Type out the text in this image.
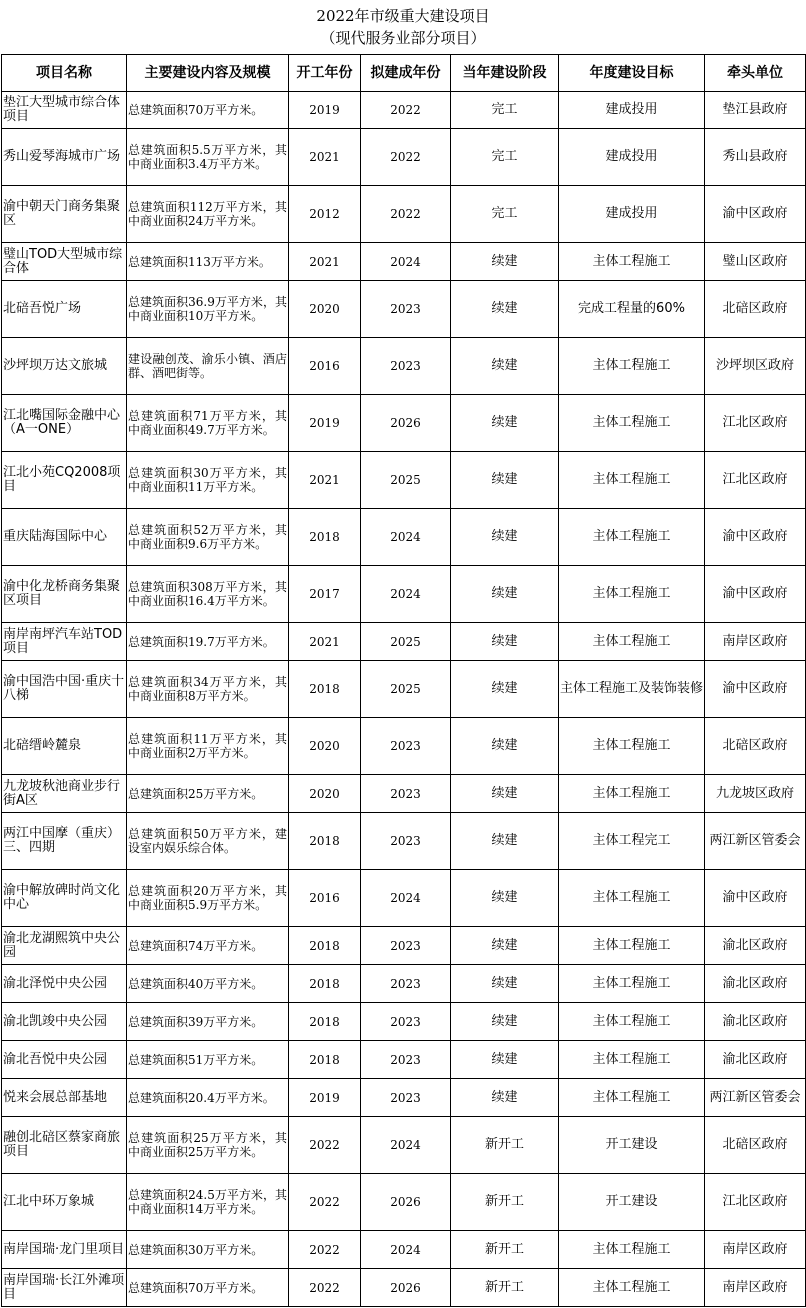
2022年市级重大建设项目
（现代服务业部分项目）
项目名称	主要建设内容及规模	开工年份	拟建成年份	当年建设阶段	年度建设目标	牵头单位
垫江大型城市综合体项目	总建筑面积70万平方米。	2019	2022	完工	建成投用	垫江县政府
秀山爱琴海城市广场	总建筑面积5.5万平方米，其中商业面积3.4万平方米。	2021	2022	完工	建成投用	秀山县政府
渝中朝天门商务集聚区	总建筑面积112万平方米，其中商业面积24万平方米。	2012	2022	完工	建成投用	渝中区政府
璧山TOD大型城市综合体	总建筑面积113万平方米。	2021	2024	续建	主体工程施工	璧山区政府
北碚吾悦广场	总建筑面积36.9万平方米，其中商业面积10万平方米。	2020	2023	续建	完成工程量的60%	北碚区政府
沙坪坝万达文旅城	建设融创茂、渝乐小镇、酒店群、酒吧街等。	2016	2023	续建	主体工程施工	沙坪坝区政府
江北嘴国际金融中心（A一ONE）	总建筑面积71万平方米，其中商业面积49.7万平方米。	2019	2026	续建	主体工程施工	江北区政府
江北小苑CQ2008项目	总建筑面积30万平方米，其中商业面积11万平方米。	2021	2025	续建	主体工程施工	江北区政府
重庆陆海国际中心	总建筑面积52万平方米，其中商业面积9.6万平方米。	2018	2024	续建	主体工程施工	渝中区政府
渝中化龙桥商务集聚区项目	总建筑面积308万平方米，其中商业面积16.4万平方米。	2017	2024	续建	主体工程施工	渝中区政府
南岸南坪汽车站TOD项目	总建筑面积19.7万平方米。	2021	2025	续建	主体工程施工	南岸区政府
渝中国浩中国·重庆十八梯	总建筑面积34万平方米，其中商业面积8万平方米。	2018	2025	续建	主体工程施工及装饰装修	渝中区政府
北碚缙岭麓泉	总建筑面积11万平方米，其中商业面积2万平方米。	2020	2023	续建	主体工程施工	北碚区政府
九龙坡秋池商业步行街A区	总建筑面积25万平方米。	2020	2023	续建	主体工程施工	九龙坡区政府
两江中国摩（重庆）三、四期	总建筑面积50万平方米，建设室内娱乐综合体。	2018	2023	续建	主体工程完工	两江新区管委会
渝中解放碑时尚文化中心	总建筑面积20万平方米，其中商业面积5.9万平方米。	2016	2024	续建	主体工程施工	渝中区政府
渝北龙湖熙筑中央公园	总建筑面积74万平方米。	2018	2023	续建	主体工程施工	渝北区政府
渝北泽悦中央公园	总建筑面积40万平方米。	2018	2023	续建	主体工程施工	渝北区政府
渝北凯竣中央公园	总建筑面积39万平方米。	2018	2023	续建	主体工程施工	渝北区政府
渝北吾悦中央公园	总建筑面积51万平方米。	2018	2023	续建	主体工程施工	渝北区政府
悦来会展总部基地	总建筑面积20.4万平方米。	2019	2023	续建	主体工程施工	两江新区管委会
融创北碚区蔡家商旅项目	总建筑面积25万平方米，其中商业面积25万平方米。	2022	2024	新开工	开工建设	北碚区政府
江北中环万象城	总建筑面积24.5万平方米，其中商业面积14万平方米。	2022	2026	新开工	开工建设	江北区政府
南岸国瑞·龙门里项目	总建筑面积30万平方米。	2022	2024	新开工	主体工程施工	南岸区政府
南岸国瑞·长江外滩项目	总建筑面积70万平方米。	2022	2026	新开工	主体工程施工	南岸区政府
